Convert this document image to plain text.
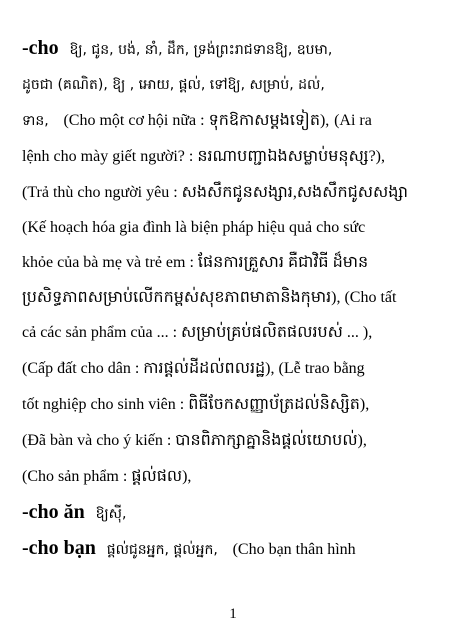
-cho ឱ្យ, ជូន, បង់, នាំ, ដឹក, ទ្រង់ព្រះរាជទានឱ្យ, ឧបមា,
ដូចជា (គណិត), ឱ្យ , អោយ, ផ្តល់, ទៅឱ្យ, សម្រាប់, ដល់,
ទាន, (Cho một cơ hội nữa : ទុកឱកាសម្តងទៀត), (Ai ra
lệnh cho mày giết người? : នរណាបញ្ជាឯងសម្លាប់មនុស្ស?),
(Trả thù cho người yêu : សងសឹកជូនសង្សារ,សងសឹកជូសសង្សា
(Kế hoạch hóa gia đình là biện pháp hiệu quả cho sức
khỏe của bà mẹ và trẻ em : ផែនការគ្រួសារ គឺជាវិធី ដ៏មាន
ប្រសិទ្ធភាពសម្រាប់លើកកម្ពស់សុខភាពមាតានិងកុមារ), (Cho tất
cả các sản phẩm của ... : សម្រាប់គ្រប់ផលិតផលរបស់ ... ),
(Cấp đất cho dân : ការផ្តល់ដីដល់ពលរដ្ឋ), (Lễ trao bằng
tốt nghiệp cho sinh viên : ពិធីចែកសញ្ញាប័ត្រដល់និស្សិត),
(Đã bàn và cho ý kiến : បានពិភាក្សាគ្នានិងផ្តល់យោបល់),
(Cho sản phẩm : ផ្តល់ផល),
-cho ăn ឱ្យស៊ី,
-cho bạn ផ្តល់ជូនអ្នក, ផ្តល់អ្នក, (Cho bạn thân hình
1
